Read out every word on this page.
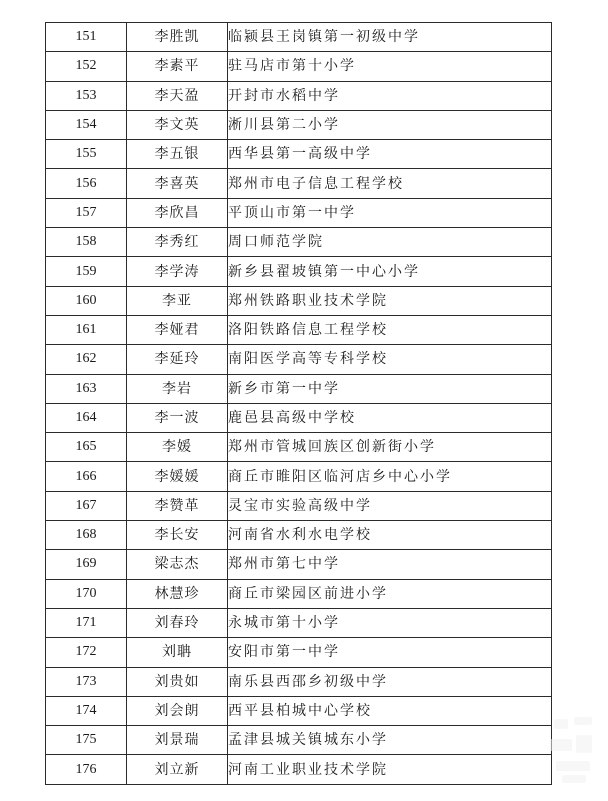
151	李胜凯	临颍县王岗镇第一初级中学
152	李素平	驻马店市第十小学
153	李天盈	开封市水稻中学
154	李文英	淅川县第二小学
155	李五银	西华县第一高级中学
156	李喜英	郑州市电子信息工程学校
157	李欣昌	平顶山市第一中学
158	李秀红	周口师范学院
159	李学涛	新乡县翟坡镇第一中心小学
160	李亚	郑州铁路职业技术学院
161	李娅君	洛阳铁路信息工程学校
162	李延玲	南阳医学高等专科学校
163	李岩	新乡市第一中学
164	李一波	鹿邑县高级中学校
165	李媛	郑州市管城回族区创新街小学
166	李媛媛	商丘市睢阳区临河店乡中心小学
167	李赞革	灵宝市实验高级中学
168	李长安	河南省水利水电学校
169	梁志杰	郑州市第七中学
170	林慧珍	商丘市梁园区前进小学
171	刘春玲	永城市第十小学
172	刘聃	安阳市第一中学
173	刘贵如	南乐县西邵乡初级中学
174	刘会朗	西平县柏城中心学校
175	刘景瑞	孟津县城关镇城东小学
176	刘立新	河南工业职业技术学院
